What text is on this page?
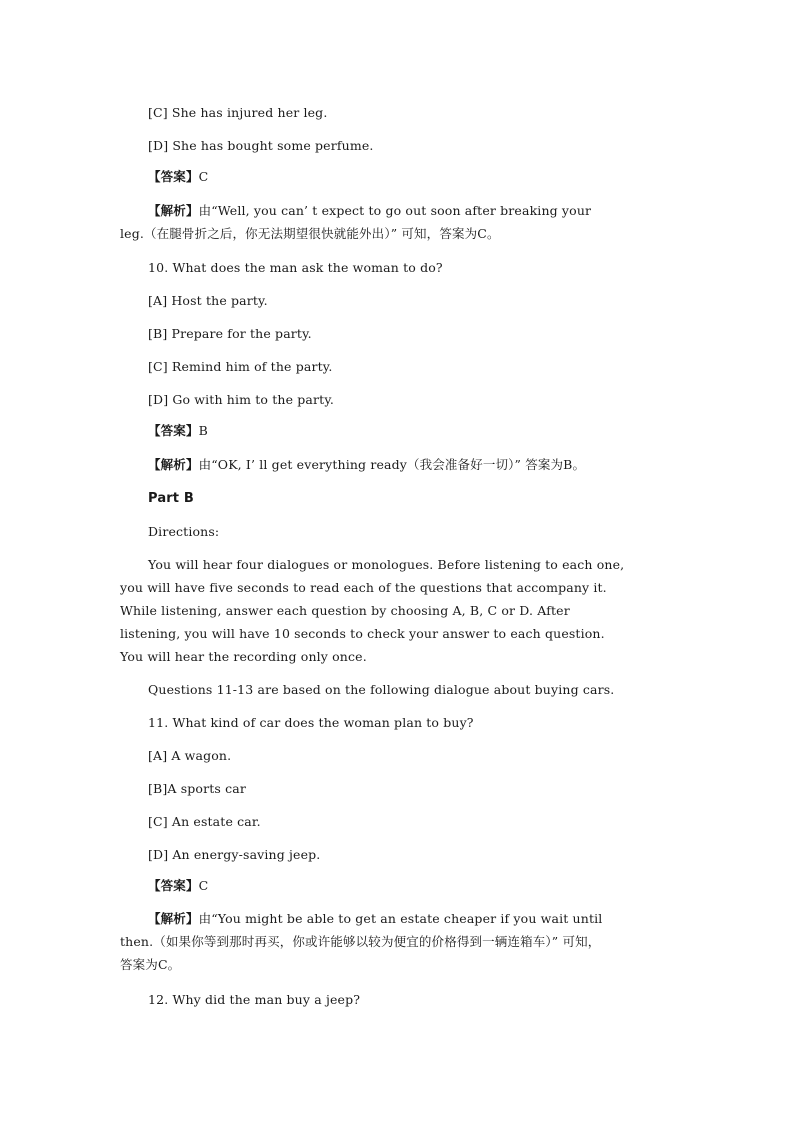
[C] She has injured her leg.
[D] She has bought some perfume.
【答案】C
【解析】由“Well, you can’ t expect to go out soon after breaking your
leg.（在腿骨折之后，你无法期望很快就能外出）” 可知，答案为C。
10. What does the man ask the woman to do?
[A] Host the party.
[B] Prepare for the party.
[C] Remind him of the party.
[D] Go with him to the party.
【答案】B
【解析】由“OK, I’ ll get everything ready（我会准备好一切）” 答案为B。
Part B
Directions:
You will hear four dialogues or monologues. Before listening to each one,
you will have five seconds to read each of the questions that accompany it.
While listening, answer each question by choosing A, B, C or D. After
listening, you will have 10 seconds to check your answer to each question.
You will hear the recording only once.
Questions 11-13 are based on the following dialogue about buying cars.
11. What kind of car does the woman plan to buy?
[A] A wagon.
[B]A sports car
[C] An estate car.
[D] An energy-saving jeep.
【答案】C
【解析】由“You might be able to get an estate cheaper if you wait until
then.（如果你等到那时再买，你或许能够以较为便宜的价格得到一辆连箱车）” 可知，
答案为C。
12. Why did the man buy a jeep?
